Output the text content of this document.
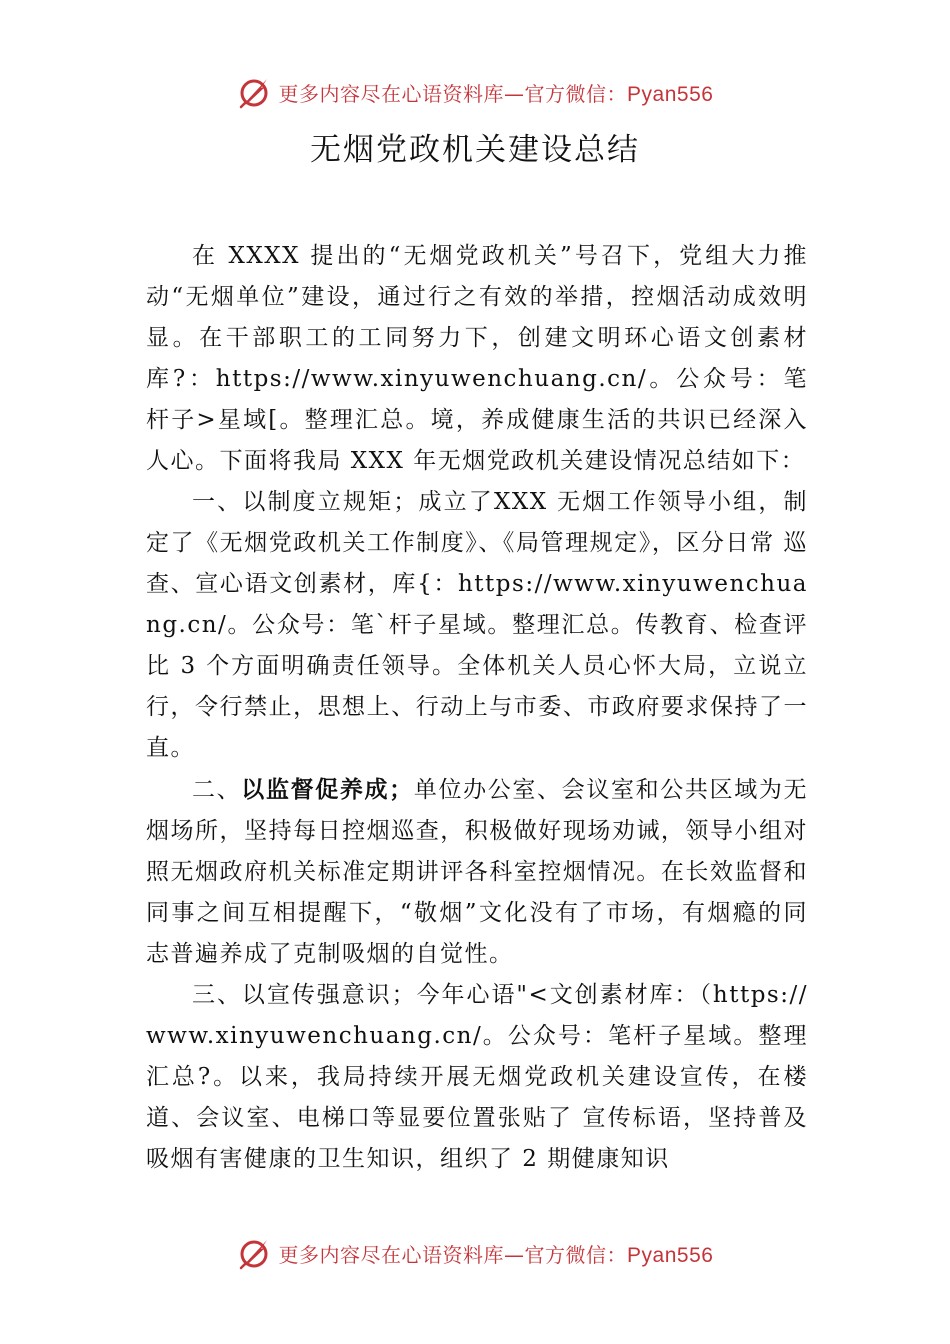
更多内容尽在心语资料库—官方微信：Pyan556
无烟党政机关建设总结

在 XXXX 提出的“无烟党政机关”号召下，党组大力推动“无烟单位”建设，通过行之有效的举措，控烟活动成效明显。在干部职工的工同努力下，创建文明环心语文创素材库?：https://www.xinyuwenchuang.cn/。公众号：笔杆子>星域[。整理汇总。境，养成健康生活的共识已经深入人心。下面将我局 XXX 年无烟党政机关建设情况总结如下：

一、以制度立规矩；成立了XXX 无烟工作领导小组，制定了《无烟党政机关工作制度》、《局管理规定》，区分日常 巡查、宣心语文创素材，库{：https://www.xinyuwenchuang.cn/。公众号：笔`杆子星域。整理汇总。传教育、检查评比 3 个方面明确责任领导。全体机关人员心怀大局，立说立行，令行禁止，思想上、行动上与市委、市政府要求保持了一直。

二、以监督促养成；单位办公室、会议室和公共区域为无烟场所，坚持每日控烟巡查，积极做好现场劝诫，领导小组对照无烟政府机关标准定期讲评各科室控烟情况。在长效监督和同事之间互相提醒下，“敬烟”文化没有了市场，有烟瘾的同志普遍养成了克制吸烟的自觉性。

三、以宣传强意识；今年心语"<文创素材库：（https://www.xinyuwenchuang.cn/。公众号：笔杆子星域。整理汇总?。以来，我局持续开展无烟党政机关建设宣传，在楼道、会议室、电梯口等显要位置张贴了 宣传标语，坚持普及吸烟有害健康的卫生知识，组织了 2 期健康知识

更多内容尽在心语资料库—官方微信：Pyan556
